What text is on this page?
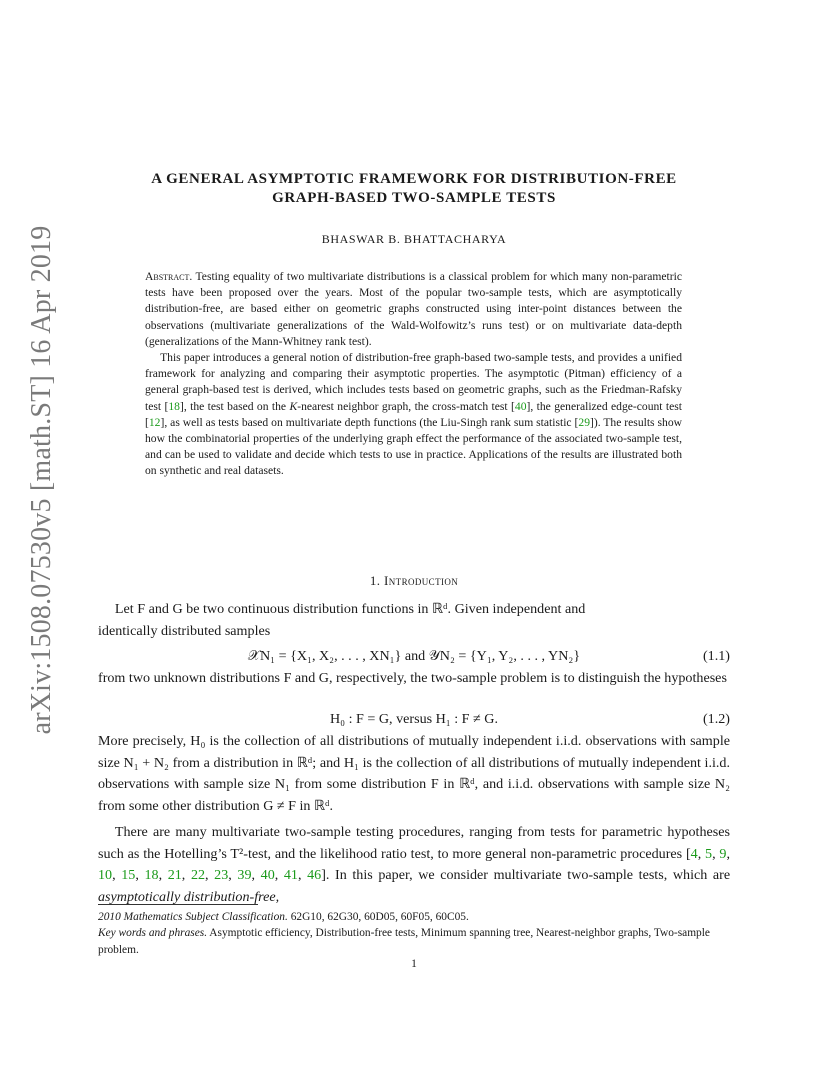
arXiv:1508.07530v5 [math.ST] 16 Apr 2019
A GENERAL ASYMPTOTIC FRAMEWORK FOR DISTRIBUTION-FREE
GRAPH-BASED TWO-SAMPLE TESTS
BHASWAR B. BHATTACHARYA

Abstract. Testing equality of two multivariate distributions is a classical problem for which many non-parametric tests have been proposed over the years. Most of the popular two-sample tests, which are asymptotically distribution-free, are based either on geometric graphs constructed using inter-point distances between the observations (multivariate generalizations of the Wald-Wolfowitz’s runs test) or on multivariate data-depth (generalizations of the Mann-Whitney rank test).

This paper introduces a general notion of distribution-free graph-based two-sample tests, and provides a unified framework for analyzing and comparing their asymptotic properties. The asymptotic (Pitman) efficiency of a general graph-based test is derived, which includes tests based on geometric graphs, such as the Friedman-Rafsky test [18], the test based on the K-nearest neighbor graph, the cross-match test [40], the generalized edge-count test [12], as well as tests based on multivariate depth functions (the Liu-Singh rank sum statistic [29]). The results show how the combinatorial properties of the underlying graph effect the performance of the associated two-sample test, and can be used to validate and decide which tests to use in practice. Applications of the results are illustrated both on synthetic and real datasets.

1. Introduction

Let F and G be two continuous distribution functions in ℝᵈ. Given independent and

identically distributed samples

𝒳N₁ = {X₁, X₂, . . . , XN₁} and 𝒴N₂ = {Y₁, Y₂, . . . , YN₂}	(1.1)

from two unknown distributions F and G, respectively, the two-sample problem is to distinguish the hypotheses

H₀ : F = G, versus H₁ : F ≠ G.	(1.2)

More precisely, H₀ is the collection of all distributions of mutually independent i.i.d. observations with sample size N₁ + N₂ from a distribution in ℝᵈ; and H₁ is the collection of all distributions of mutually independent i.i.d. observations with sample size N₁ from some distribution F in ℝᵈ, and i.i.d. observations with sample size N₂ from some other distribution G ≠ F in ℝᵈ.

There are many multivariate two-sample testing procedures, ranging from tests for parametric hypotheses such as the Hotelling’s T²-test, and the likelihood ratio test, to more general non-parametric procedures [4, 5, 9, 10, 15, 18, 21, 22, 23, 39, 40, 41, 46]. In this paper, we consider multivariate two-sample tests, which are asymptotically distribution-free,

2010 Mathematics Subject Classification. 62G10, 62G30, 60D05, 60F05, 60C05.

Key words and phrases. Asymptotic efficiency, Distribution-free tests, Minimum spanning tree, Nearest-neighbor graphs, Two-sample problem.

1
